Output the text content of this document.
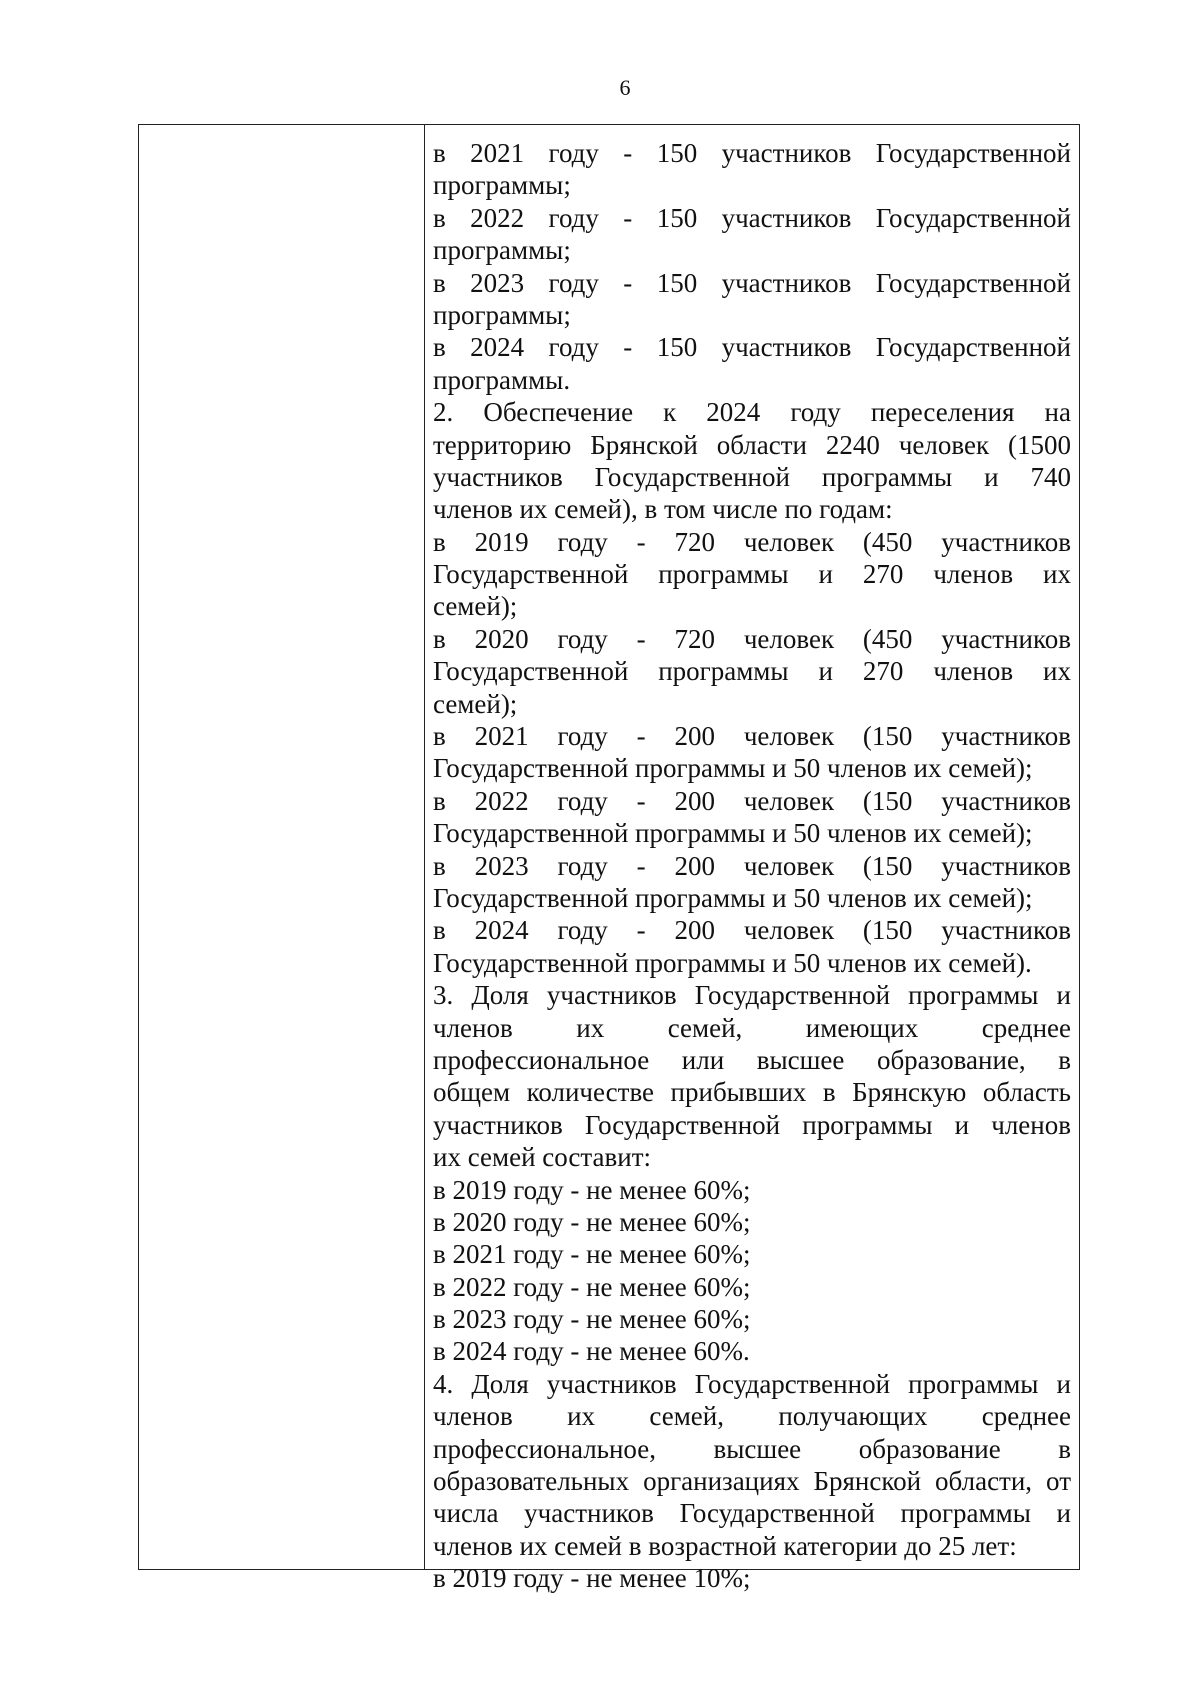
6
в 2021 году - 150 участников Государственной
программы;
в 2022 году - 150 участников Государственной
программы;
в 2023 году - 150 участников Государственной
программы;
в 2024 году - 150 участников Государственной
программы.
2. Обеспечение к 2024 году переселения на
территорию Брянской области 2240 человек (1500
участников Государственной программы и 740
членов их семей), в том числе по годам:
в 2019 году - 720 человек (450 участников
Государственной программы и 270 членов их
семей);
в 2020 году - 720 человек (450 участников
Государственной программы и 270 членов их
семей);
в 2021 году - 200 человек (150 участников
Государственной программы и 50 членов их семей);
в 2022 году - 200 человек (150 участников
Государственной программы и 50 членов их семей);
в 2023 году - 200 человек (150 участников
Государственной программы и 50 членов их семей);
в 2024 году - 200 человек (150 участников
Государственной программы и 50 членов их семей).
3. Доля участников Государственной программы и
членов их семей, имеющих среднее
профессиональное или высшее образование, в
общем количестве прибывших в Брянскую область
участников Государственной программы и членов
их семей составит:
в 2019 году - не менее 60%;
в 2020 году - не менее 60%;
в 2021 году - не менее 60%;
в 2022 году - не менее 60%;
в 2023 году - не менее 60%;
в 2024 году - не менее 60%.
4. Доля участников Государственной программы и
членов их семей, получающих среднее
профессиональное, высшее образование в
образовательных организациях Брянской области, от
числа участников Государственной программы и
членов их семей в возрастной категории до 25 лет:
в 2019 году - не менее 10%;
